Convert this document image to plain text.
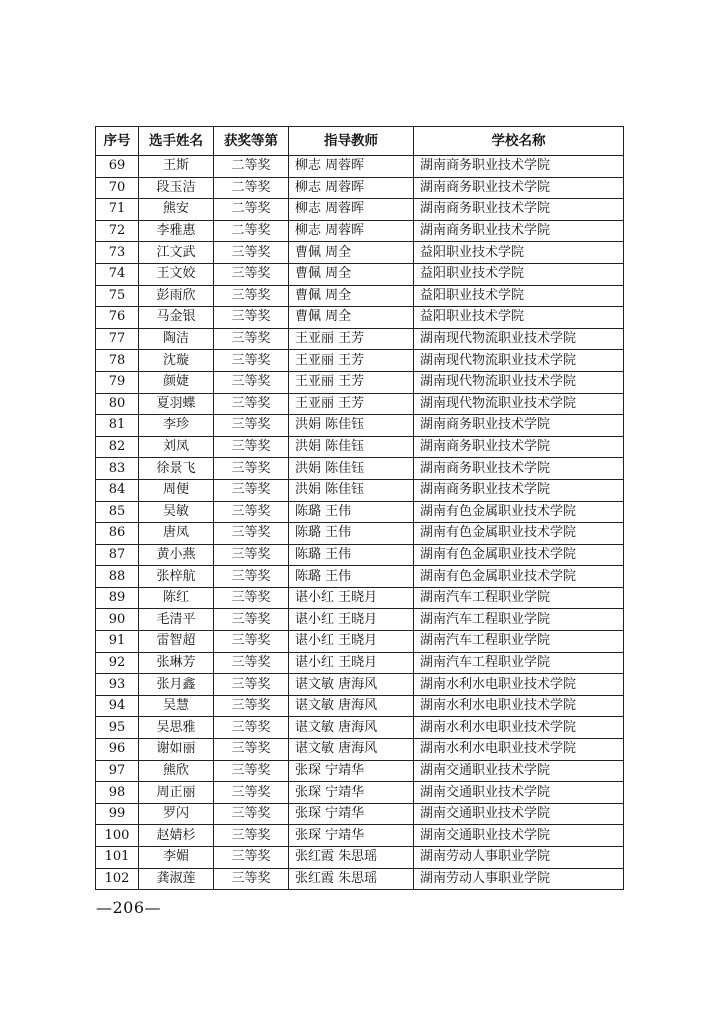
序号	选手姓名	获奖等第	指导教师	学校名称
69	王斯	二等奖	柳志 周蓉晖	湖南商务职业技术学院
70	段玉洁	二等奖	柳志 周蓉晖	湖南商务职业技术学院
71	熊安	二等奖	柳志 周蓉晖	湖南商务职业技术学院
72	李雅惠	二等奖	柳志 周蓉晖	湖南商务职业技术学院
73	江文武	三等奖	曹佩 周全	益阳职业技术学院
74	王文姣	三等奖	曹佩 周全	益阳职业技术学院
75	彭雨欣	三等奖	曹佩 周全	益阳职业技术学院
76	马金银	三等奖	曹佩 周全	益阳职业技术学院
77	陶洁	三等奖	王亚丽 王芳	湖南现代物流职业技术学院
78	沈璇	三等奖	王亚丽 王芳	湖南现代物流职业技术学院
79	颜婕	三等奖	王亚丽 王芳	湖南现代物流职业技术学院
80	夏羽蝶	三等奖	王亚丽 王芳	湖南现代物流职业技术学院
81	李珍	三等奖	洪娟 陈佳钰	湖南商务职业技术学院
82	刘凤	三等奖	洪娟 陈佳钰	湖南商务职业技术学院
83	徐景飞	三等奖	洪娟 陈佳钰	湖南商务职业技术学院
84	周便	三等奖	洪娟 陈佳钰	湖南商务职业技术学院
85	吴敏	三等奖	陈璐 王伟	湖南有色金属职业技术学院
86	唐凤	三等奖	陈璐 王伟	湖南有色金属职业技术学院
87	黄小燕	三等奖	陈璐 王伟	湖南有色金属职业技术学院
88	张梓航	三等奖	陈璐 王伟	湖南有色金属职业技术学院
89	陈红	三等奖	谌小红 王晓月	湖南汽车工程职业学院
90	毛清平	三等奖	谌小红 王晓月	湖南汽车工程职业学院
91	雷智超	三等奖	谌小红 王晓月	湖南汽车工程职业学院
92	张琳芳	三等奖	谌小红 王晓月	湖南汽车工程职业学院
93	张月鑫	三等奖	谌文敏 唐海风	湖南水利水电职业技术学院
94	吴慧	三等奖	谌文敏 唐海风	湖南水利水电职业技术学院
95	吴思雅	三等奖	谌文敏 唐海风	湖南水利水电职业技术学院
96	谢如丽	三等奖	谌文敏 唐海风	湖南水利水电职业技术学院
97	熊欣	三等奖	张琛 宁靖华	湖南交通职业技术学院
98	周正丽	三等奖	张琛 宁靖华	湖南交通职业技术学院
99	罗闪	三等奖	张琛 宁靖华	湖南交通职业技术学院
100	赵婧杉	三等奖	张琛 宁靖华	湖南交通职业技术学院
101	李媚	三等奖	张红霞 朱思瑶	湖南劳动人事职业学院
102	龚淑莲	三等奖	张红霞 朱思瑶	湖南劳动人事职业学院
—206—
